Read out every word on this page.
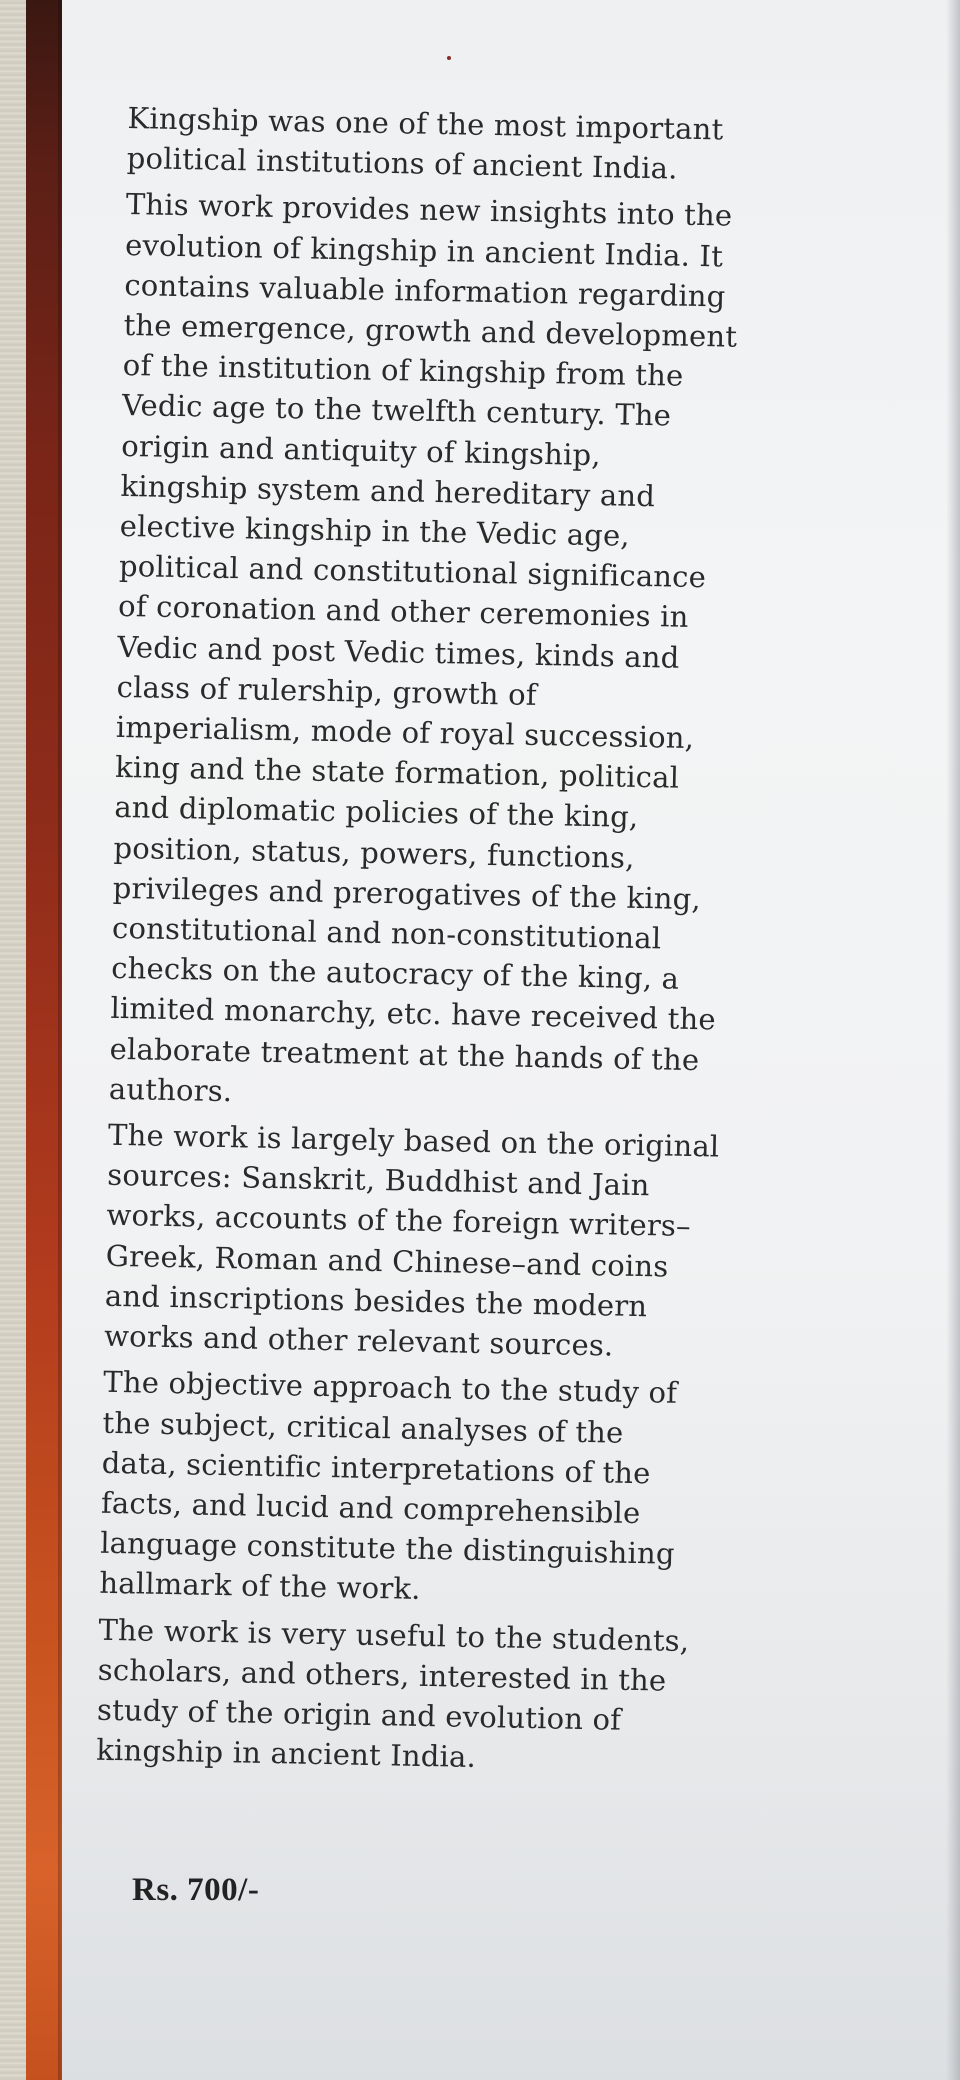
Kingship was one of the most important
political institutions of ancient India.

This work provides new insights into the
evolution of kingship in ancient India. It
contains valuable information regarding
the emergence, growth and development
of the institution of kingship from the
Vedic age to the twelfth century. The
origin and antiquity of kingship,
kingship system and hereditary and
elective kingship in the Vedic age,
political and constitutional significance
of coronation and other ceremonies in
Vedic and post Vedic times, kinds and
class of rulership, growth of
imperialism, mode of royal succession,
king and the state formation, political
and diplomatic policies of the king,
position, status, powers, functions,
privileges and prerogatives of the king,
constitutional and non-constitutional
checks on the autocracy of the king, a
limited monarchy, etc. have received the
elaborate treatment at the hands of the
authors.

The work is largely based on the original
sources: Sanskrit, Buddhist and Jain
works, accounts of the foreign writers–
Greek, Roman and Chinese–and coins
and inscriptions besides the modern
works and other relevant sources.

The objective approach to the study of
the subject, critical analyses of the
data, scientific interpretations of the
facts, and lucid and comprehensible
language constitute the distinguishing
hallmark of the work.

The work is very useful to the students,
scholars, and others, interested in the
study of the origin and evolution of
kingship in ancient India.

Rs. 700/-
